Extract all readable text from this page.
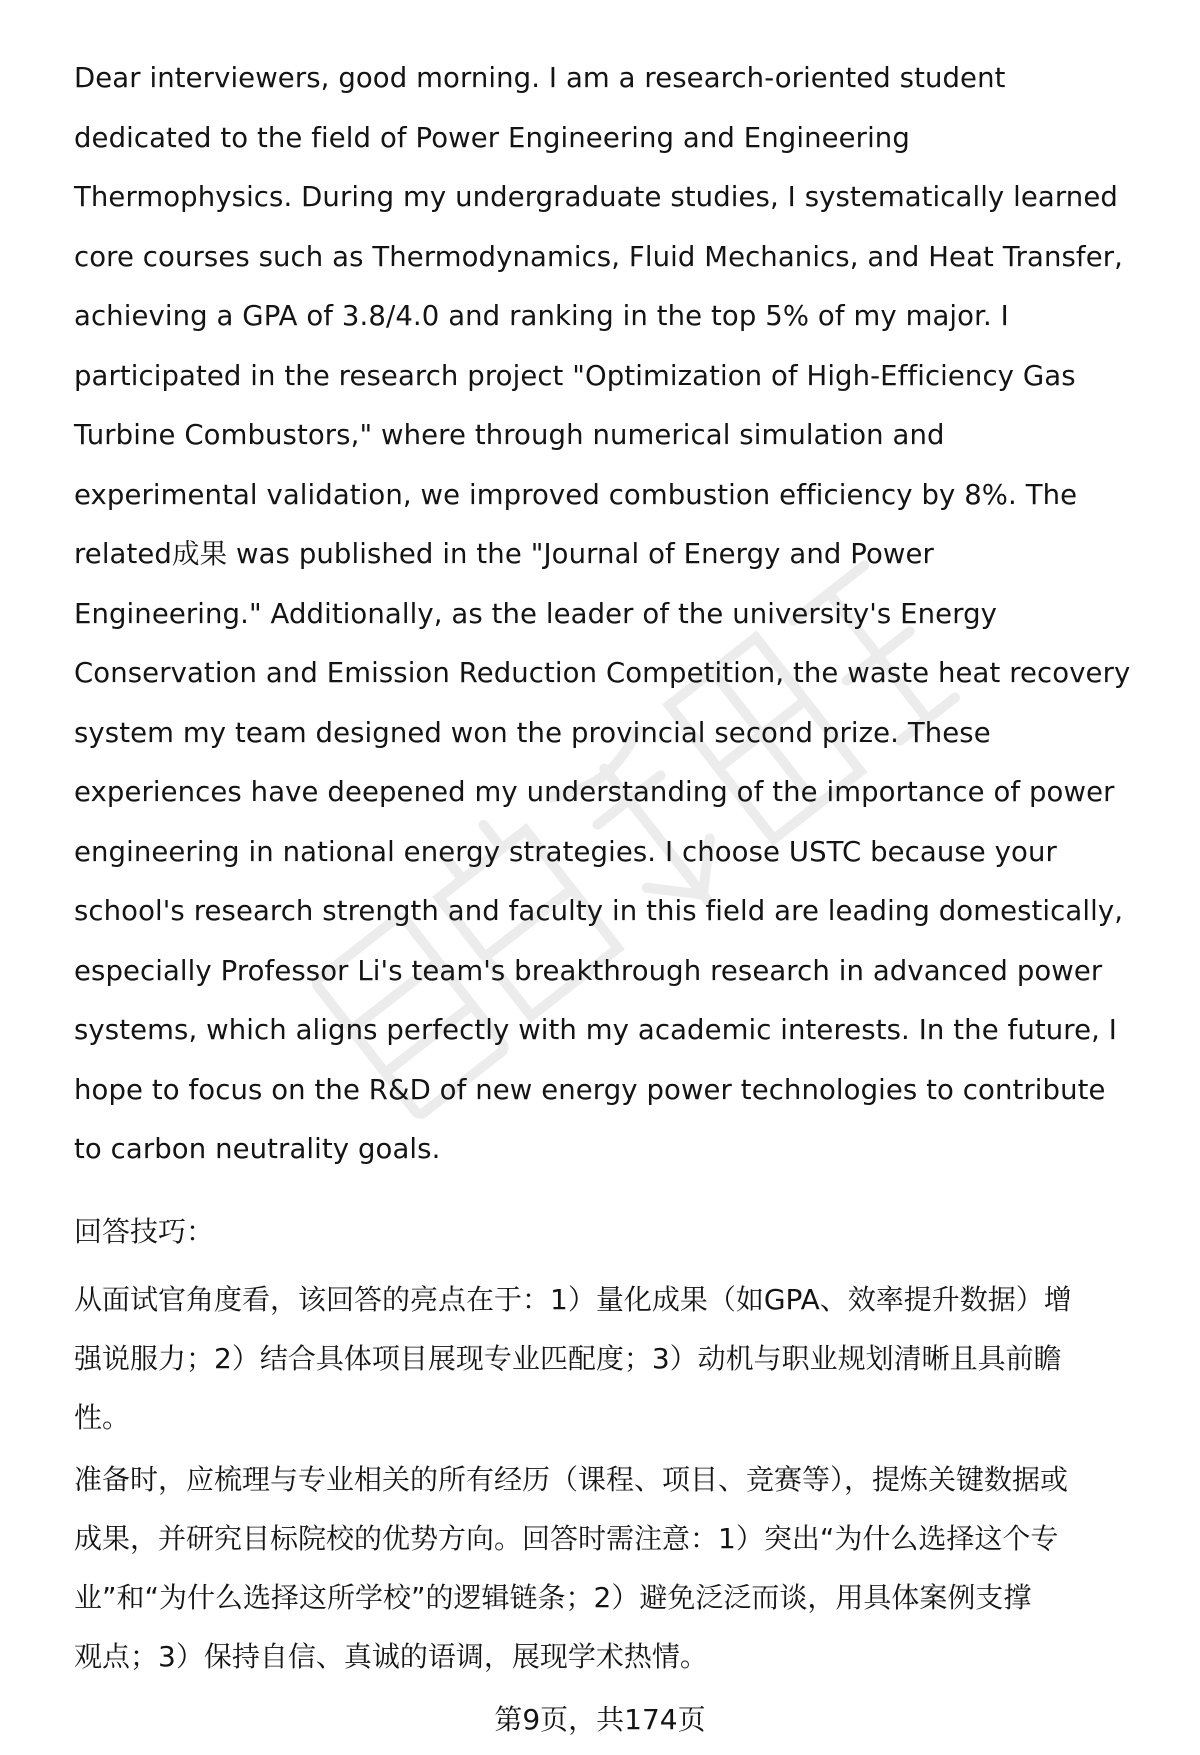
Dear interviewers, good morning. I am a research-oriented student
dedicated to the field of Power Engineering and Engineering
Thermophysics. During my undergraduate studies, I systematically learned
core courses such as Thermodynamics, Fluid Mechanics, and Heat Transfer,
achieving a GPA of 3.8/4.0 and ranking in the top 5% of my major. I
participated in the research project "Optimization of High-Efficiency Gas
Turbine Combustors," where through numerical simulation and
experimental validation, we improved combustion efficiency by 8%. The
related成果 was published in the "Journal of Energy and Power
Engineering." Additionally, as the leader of the university's Energy
Conservation and Emission Reduction Competition, the waste heat recovery
system my team designed won the provincial second prize. These
experiences have deepened my understanding of the importance of power
engineering in national energy strategies. I choose USTC because your
school's research strength and faculty in this field are leading domestically,
especially Professor Li's team's breakthrough research in advanced power
systems, which aligns perfectly with my academic interests. In the future, I
hope to focus on the R&D of new energy power technologies to contribute
to carbon neutrality goals.
回答技巧：
从面试官角度看，该回答的亮点在于：1）量化成果（如GPA、效率提升数据）增
强说服力；2）结合具体项目展现专业匹配度；3）动机与职业规划清晰且具前瞻
性。
准备时，应梳理与专业相关的所有经历（课程、项目、竞赛等），提炼关键数据或
成果，并研究目标院校的优势方向。回答时需注意：1）突出“为什么选择这个专
业”和“为什么选择这所学校”的逻辑链条；2）避免泛泛而谈，用具体案例支撑
观点；3）保持自信、真诚的语调，展现学术热情。
第9页，共174页
